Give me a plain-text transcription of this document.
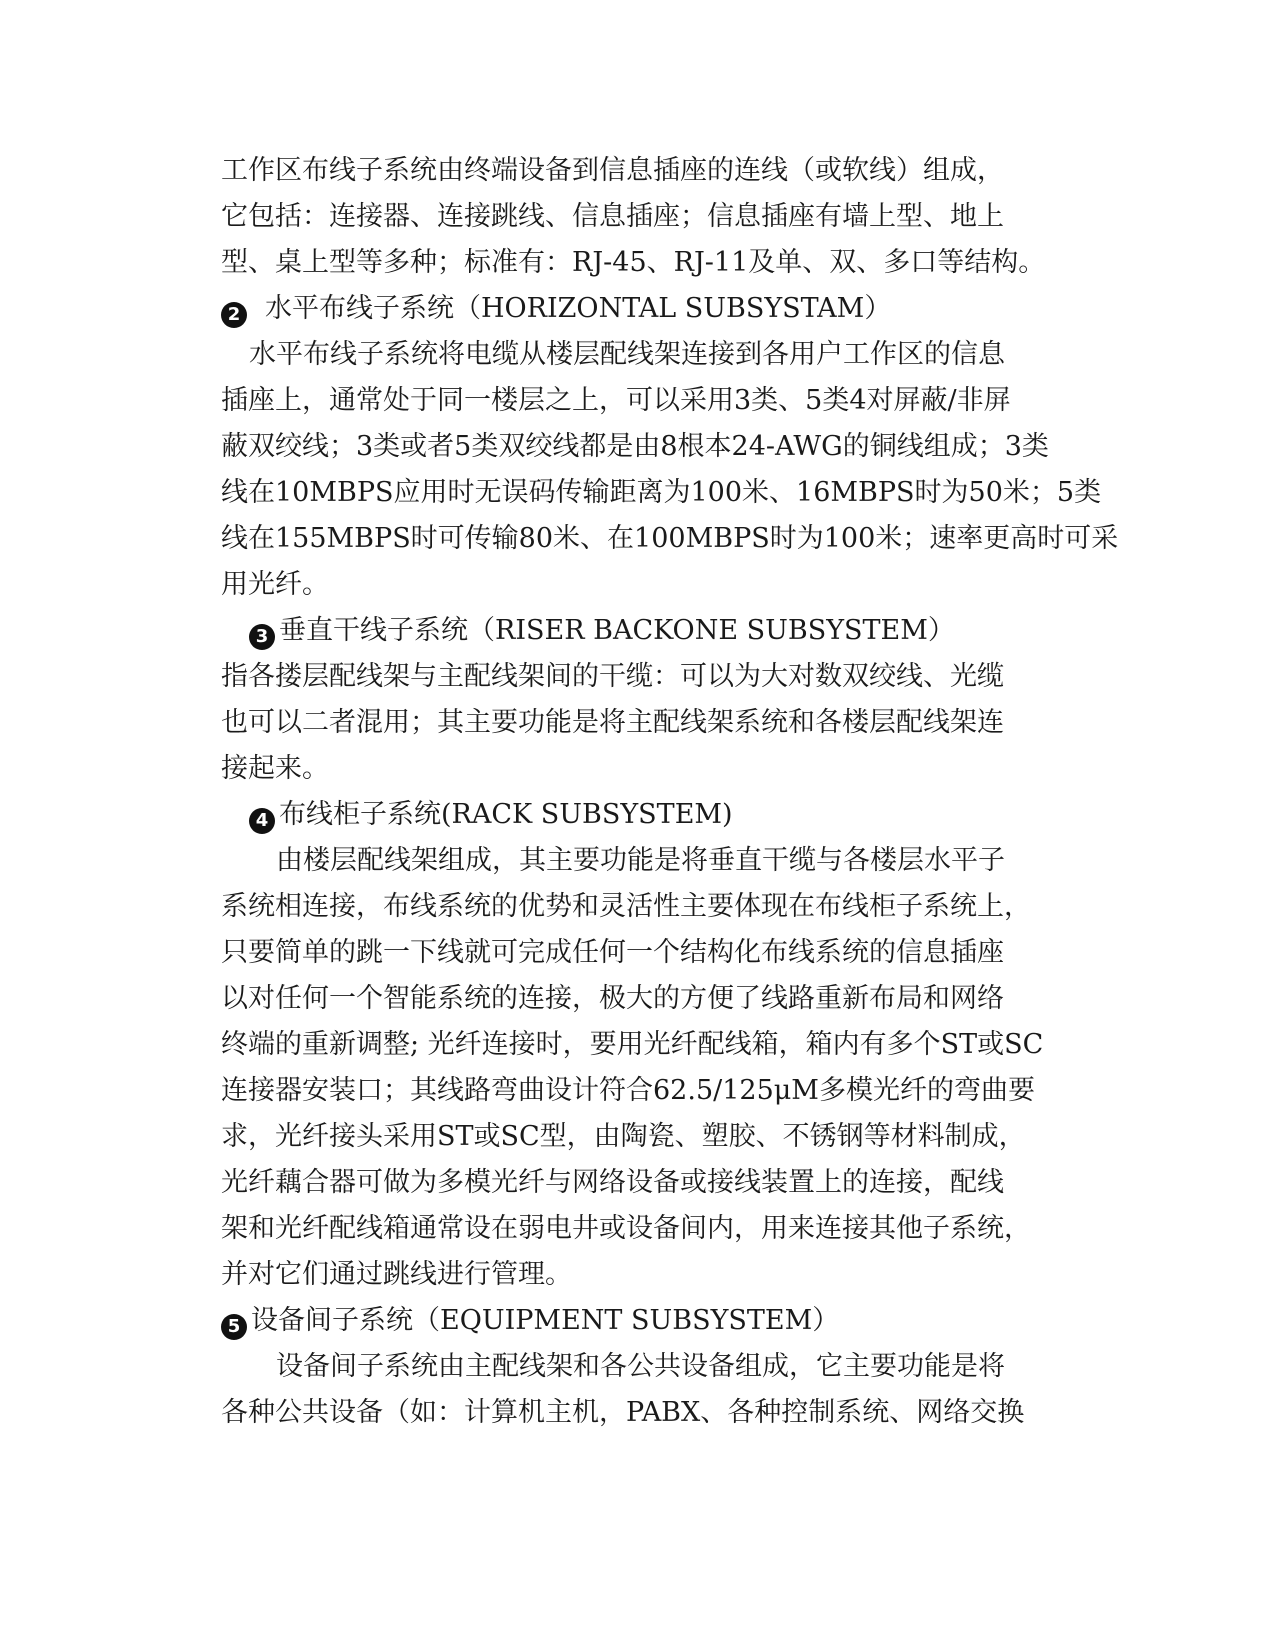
工作区布线子系统由终端设备到信息插座的连线（或软线）组成，
它包括：连接器、连接跳线、信息插座；信息插座有墙上型、地上
型、桌上型等多种；标准有：RJ-45、RJ-11及单、双、多口等结构。
2 水平布线子系统（HORIZONTAL SUBSYSTAM）
水平布线子系统将电缆从楼层配线架连接到各用户工作区的信息
插座上，通常处于同一楼层之上，可以采用3类、5类4对屏蔽/非屏
蔽双绞线；3类或者5类双绞线都是由8根本24-AWG的铜线组成；3类
线在10MBPS应用时无误码传输距离为100米、16MBPS时为50米；5类
线在155MBPS时可传输80米、在100MBPS时为100米；速率更高时可采
用光纤。
3 垂直干线子系统（RISER BACKONE SUBSYSTEM）
指各搂层配线架与主配线架间的干缆：可以为大对数双绞线、光缆
也可以二者混用；其主要功能是将主配线架系统和各楼层配线架连
接起来。
4 布线柜子系统(RACK SUBSYSTEM)
由楼层配线架组成，其主要功能是将垂直干缆与各楼层水平子
系统相连接，布线系统的优势和灵活性主要体现在布线柜子系统上，
只要简单的跳一下线就可完成任何一个结构化布线系统的信息插座
以对任何一个智能系统的连接，极大的方便了线路重新布局和网络
终端的重新调整; 光纤连接时，要用光纤配线箱，箱内有多个ST或SC
连接器安装口；其线路弯曲设计符合62.5/125μM多模光纤的弯曲要
求，光纤接头采用ST或SC型，由陶瓷、塑胶、不锈钢等材料制成，
光纤藕合器可做为多模光纤与网络设备或接线装置上的连接，配线
架和光纤配线箱通常设在弱电井或设备间内，用来连接其他子系统，
并对它们通过跳线进行管理。
5 设备间子系统（EQUIPMENT SUBSYSTEM）
设备间子系统由主配线架和各公共设备组成，它主要功能是将
各种公共设备（如：计算机主机，PABX、各种控制系统、网络交换
